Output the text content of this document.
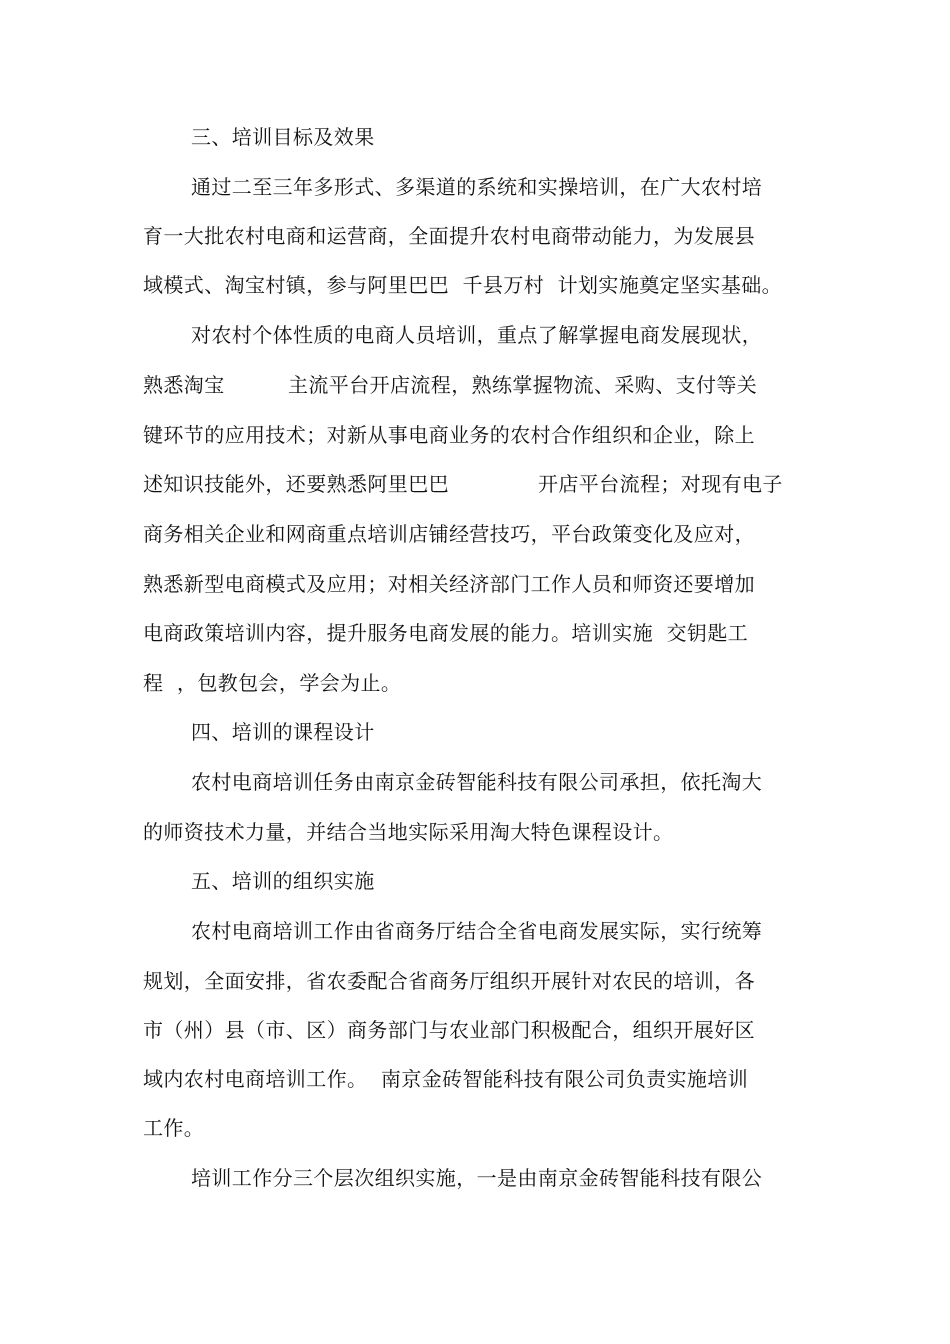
三、培训目标及效果

通过二至三年多形式、多渠道的系统和实操培训，在广大农村培

育一大批农村电商和运营商，全面提升农村电商带动能力，为发展县

域模式、淘宝村镇，参与阿里巴巴  千县万村  计划实施奠定坚实基础。

对农村个体性质的电商人员培训，重点了解掌握电商发展现状，

熟悉淘宝

	主流平台开店流程，熟练掌握物流、采购、支付等关

键环节的应用技术；对新从事电商业务的农村合作组织和企业，除上

述知识技能外，还要熟悉阿里巴巴

	开店平台流程；对现有电子

商务相关企业和网商重点培训店铺经营技巧，平台政策变化及应对，

熟悉新型电商模式及应用；对相关经济部门工作人员和师资还要增加

电商政策培训内容，提升服务电商发展的能力。培训实施  交钥匙工

程  ，包教包会，学会为止。

四、培训的课程设计

农村电商培训任务由南京金砖智能科技有限公司承担，依托淘大

的师资技术力量，并结合当地实际采用淘大特色课程设计。

五、培训的组织实施

农村电商培训工作由省商务厅结合全省电商发展实际，实行统筹

规划，全面安排，省农委配合省商务厅组织开展针对农民的培训，各

市（州）县（市、区）商务部门与农业部门积极配合，组织开展好区

域内农村电商培训工作。  南京金砖智能科技有限公司负责实施培训

工作。

培训工作分三个层次组织实施，一是由南京金砖智能科技有限公
